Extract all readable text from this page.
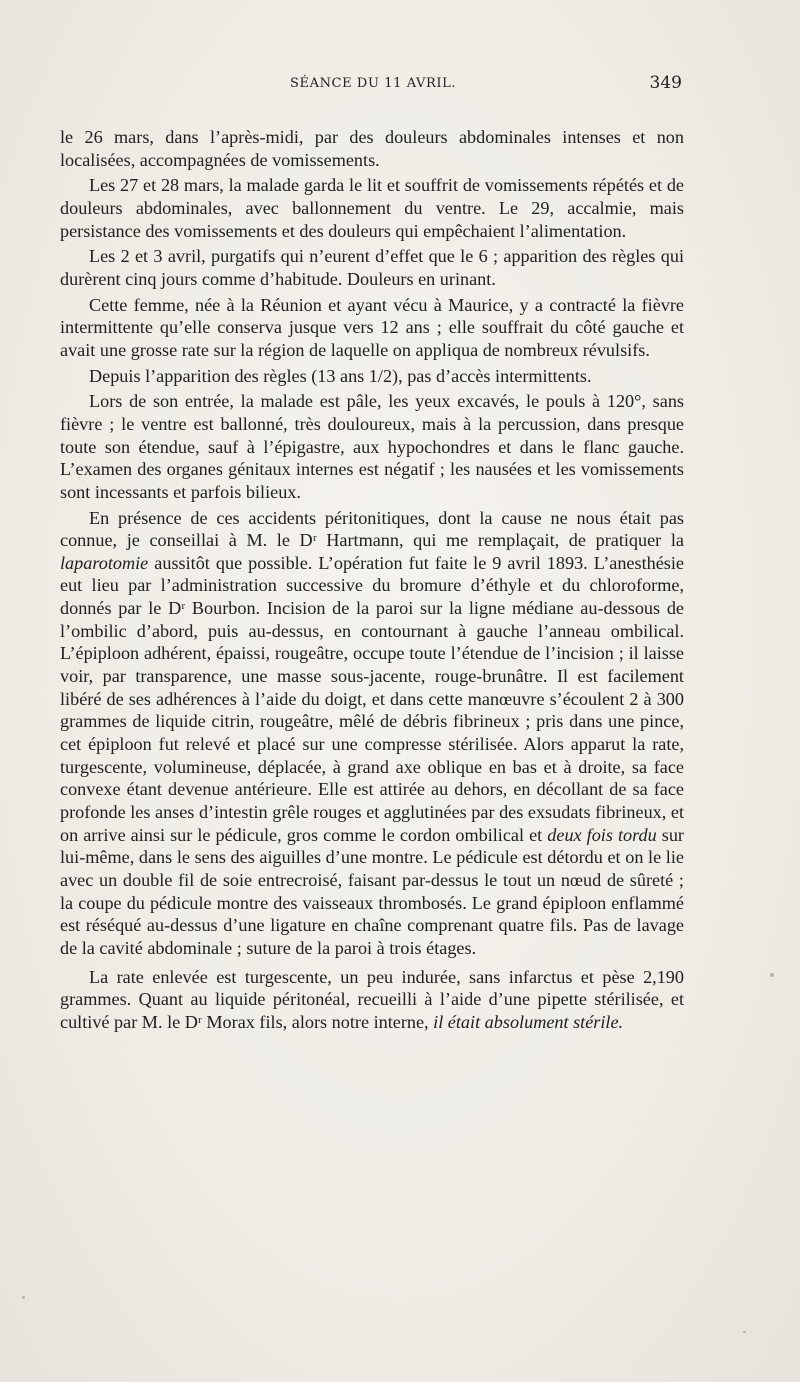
SÉANCE DU 11 AVRIL.	349

le 26 mars, dans l’après-midi, par des douleurs abdominales intenses et non localisées, accompagnées de vomissements.

Les 27 et 28 mars, la malade garda le lit et souffrit de vomissements répétés et de douleurs abdominales, avec ballonnement du ventre. Le 29, accalmie, mais persistance des vomissements et des douleurs qui empêchaient l’alimentation.

Les 2 et 3 avril, purgatifs qui n’eurent d’effet que le 6 ; apparition des règles qui durèrent cinq jours comme d’habitude. Douleurs en urinant.

Cette femme, née à la Réunion et ayant vécu à Maurice, y a contracté la fièvre intermittente qu’elle conserva jusque vers 12 ans ; elle souffrait du côté gauche et avait une grosse rate sur la région de laquelle on appliqua de nombreux révulsifs.

Depuis l’apparition des règles (13 ans 1/2), pas d’accès intermittents.

Lors de son entrée, la malade est pâle, les yeux excavés, le pouls à 120°, sans fièvre ; le ventre est ballonné, très douloureux, mais à la percussion, dans presque toute son étendue, sauf à l’épigastre, aux hypochondres et dans le flanc gauche. L’examen des organes génitaux internes est négatif ; les nausées et les vomissements sont incessants et parfois bilieux.

En présence de ces accidents péritonitiques, dont la cause ne nous était pas connue, je conseillai à M. le Dʳ Hartmann, qui me remplaçait, de pratiquer la laparotomie aussitôt que possible. L’opération fut faite le 9 avril 1893. L’anesthésie eut lieu par l’administration successive du bromure d’éthyle et du chloroforme, donnés par le Dʳ Bourbon. Incision de la paroi sur la ligne médiane au-dessous de l’ombilic d’abord, puis au-dessus, en contournant à gauche l’anneau ombilical. L’épiploon adhérent, épaissi, rougeâtre, occupe toute l’étendue de l’incision ; il laisse voir, par transparence, une masse sous-jacente, rouge-brunâtre. Il est facilement libéré de ses adhérences à l’aide du doigt, et dans cette manœuvre s’écoulent 2 à 300 grammes de liquide citrin, rougeâtre, mêlé de débris fibrineux ; pris dans une pince, cet épiploon fut relevé et placé sur une compresse stérilisée. Alors apparut la rate, turgescente, volumineuse, déplacée, à grand axe oblique en bas et à droite, sa face convexe étant devenue antérieure. Elle est attirée au dehors, en décollant de sa face profonde les anses d’intestin grêle rouges et agglutinées par des exsudats fibrineux, et on arrive ainsi sur le pédicule, gros comme le cordon ombilical et deux fois tordu sur lui-même, dans le sens des aiguilles d’une montre. Le pédicule est détordu et on le lie avec un double fil de soie entrecroisé, faisant par-dessus le tout un nœud de sûreté ; la coupe du pédicule montre des vaisseaux thrombosés. Le grand épiploon enflammé est réséqué au-dessus d’une ligature en chaîne comprenant quatre fils. Pas de lavage de la cavité abdominale ; suture de la paroi à trois étages.

La rate enlevée est turgescente, un peu indurée, sans infarctus et pèse 2,190 grammes. Quant au liquide péritonéal, recueilli à l’aide d’une pipette stérilisée, et cultivé par M. le Dʳ Morax fils, alors notre interne, il était absolument stérile.
